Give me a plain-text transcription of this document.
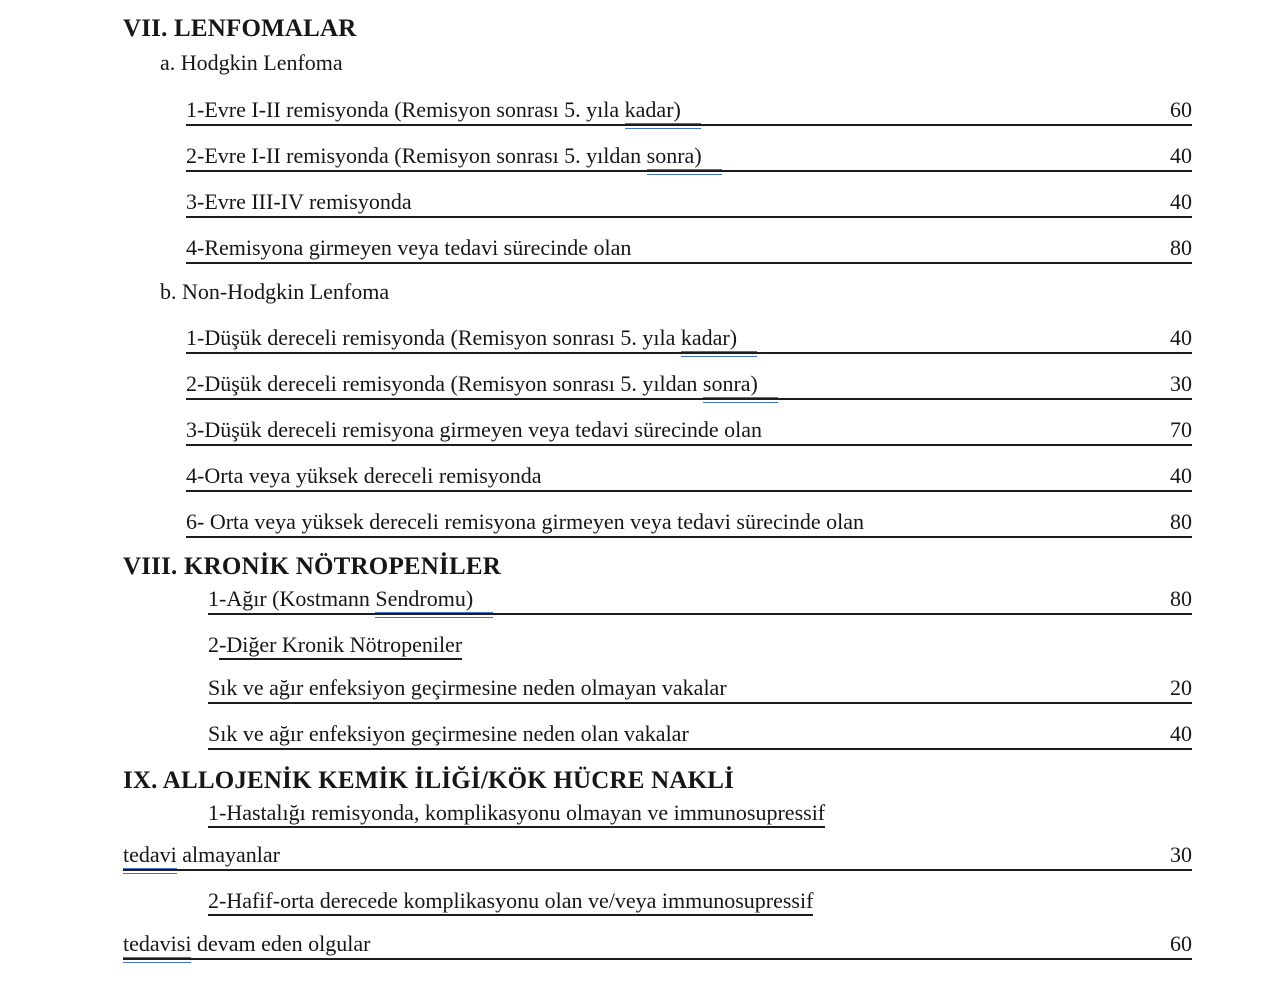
VII. LENFOMALAR
a. Hodgkin Lenfoma
1-Evre I-II remisyonda (Remisyon sonrası 5. yıla kadar)	60
2-Evre I-II remisyonda (Remisyon sonrası 5. yıldan sonra)	40
3-Evre III-IV remisyonda	40
4-Remisyona girmeyen veya tedavi sürecinde olan	80
b. Non-Hodgkin Lenfoma
1-Düşük dereceli remisyonda (Remisyon sonrası 5. yıla kadar)	40
2-Düşük dereceli remisyonda (Remisyon sonrası 5. yıldan sonra)	30
3-Düşük dereceli remisyona girmeyen veya tedavi sürecinde olan	70
4-Orta veya yüksek dereceli remisyonda	40
6- Orta veya yüksek dereceli remisyona girmeyen veya tedavi sürecinde olan	80
VIII. KRONİK NÖTROPENİLER
1-Ağır (Kostmann Sendromu)	80
2-Diğer Kronik Nötropeniler
Sık ve ağır enfeksiyon geçirmesine neden olmayan vakalar	20
Sık ve ağır enfeksiyon geçirmesine neden olan vakalar	40
IX. ALLOJENİK KEMİK İLİĞİ/KÖK HÜCRE NAKLİ
1-Hastalığı remisyonda, komplikasyonu olmayan ve immunosupressif
tedavi almayanlar	30
2-Hafif-orta derecede komplikasyonu olan ve/veya immunosupressif
tedavisi devam eden olgular	60
